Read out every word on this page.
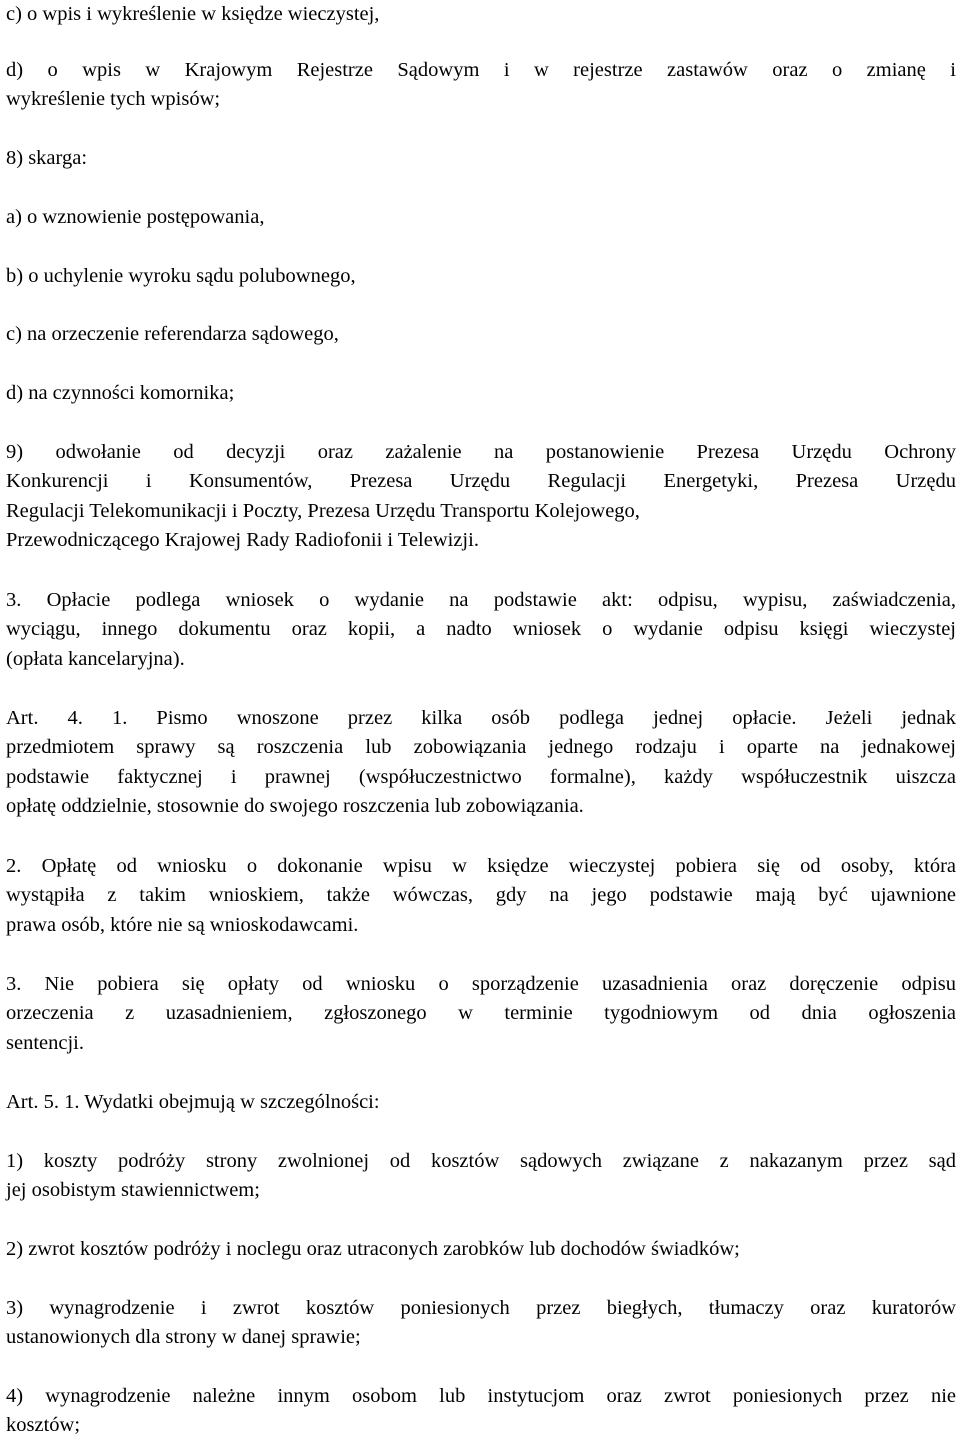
c) o wpis i wykreślenie w księdze wieczystej,

d) o wpis w Krajowym Rejestrze Sądowym i w rejestrze zastawów oraz o zmianę i
wykreślenie tych wpisów;

8) skarga:

a) o wznowienie postępowania,

b) o uchylenie wyroku sądu polubownego,

c) na orzeczenie referendarza sądowego,

d) na czynności komornika;

9) odwołanie od decyzji oraz zażalenie na postanowienie Prezesa Urzędu Ochrony
Konkurencji i Konsumentów, Prezesa Urzędu Regulacji Energetyki, Prezesa Urzędu
Regulacji Telekomunikacji i Poczty, Prezesa Urzędu Transportu Kolejowego,
Przewodniczącego Krajowej Rady Radiofonii i Telewizji.

3. Opłacie podlega wniosek o wydanie na podstawie akt: odpisu, wypisu, zaświadczenia,
wyciągu, innego dokumentu oraz kopii, a nadto wniosek o wydanie odpisu księgi wieczystej
(opłata kancelaryjna).

Art. 4. 1. Pismo wnoszone przez kilka osób podlega jednej opłacie. Jeżeli jednak
przedmiotem sprawy są roszczenia lub zobowiązania jednego rodzaju i oparte na jednakowej
podstawie faktycznej i prawnej (współuczestnictwo formalne), każdy współuczestnik uiszcza
opłatę oddzielnie, stosownie do swojego roszczenia lub zobowiązania.

2. Opłatę od wniosku o dokonanie wpisu w księdze wieczystej pobiera się od osoby, która
wystąpiła z takim wnioskiem, także wówczas, gdy na jego podstawie mają być ujawnione
prawa osób, które nie są wnioskodawcami.

3. Nie pobiera się opłaty od wniosku o sporządzenie uzasadnienia oraz doręczenie odpisu
orzeczenia z uzasadnieniem, zgłoszonego w terminie tygodniowym od dnia ogłoszenia
sentencji.

Art. 5. 1. Wydatki obejmują w szczególności:

1) koszty podróży strony zwolnionej od kosztów sądowych związane z nakazanym przez sąd
jej osobistym stawiennictwem;

2) zwrot kosztów podróży i noclegu oraz utraconych zarobków lub dochodów świadków;

3) wynagrodzenie i zwrot kosztów poniesionych przez biegłych, tłumaczy oraz kuratorów
ustanowionych dla strony w danej sprawie;

4) wynagrodzenie należne innym osobom lub instytucjom oraz zwrot poniesionych przez nie
kosztów;
